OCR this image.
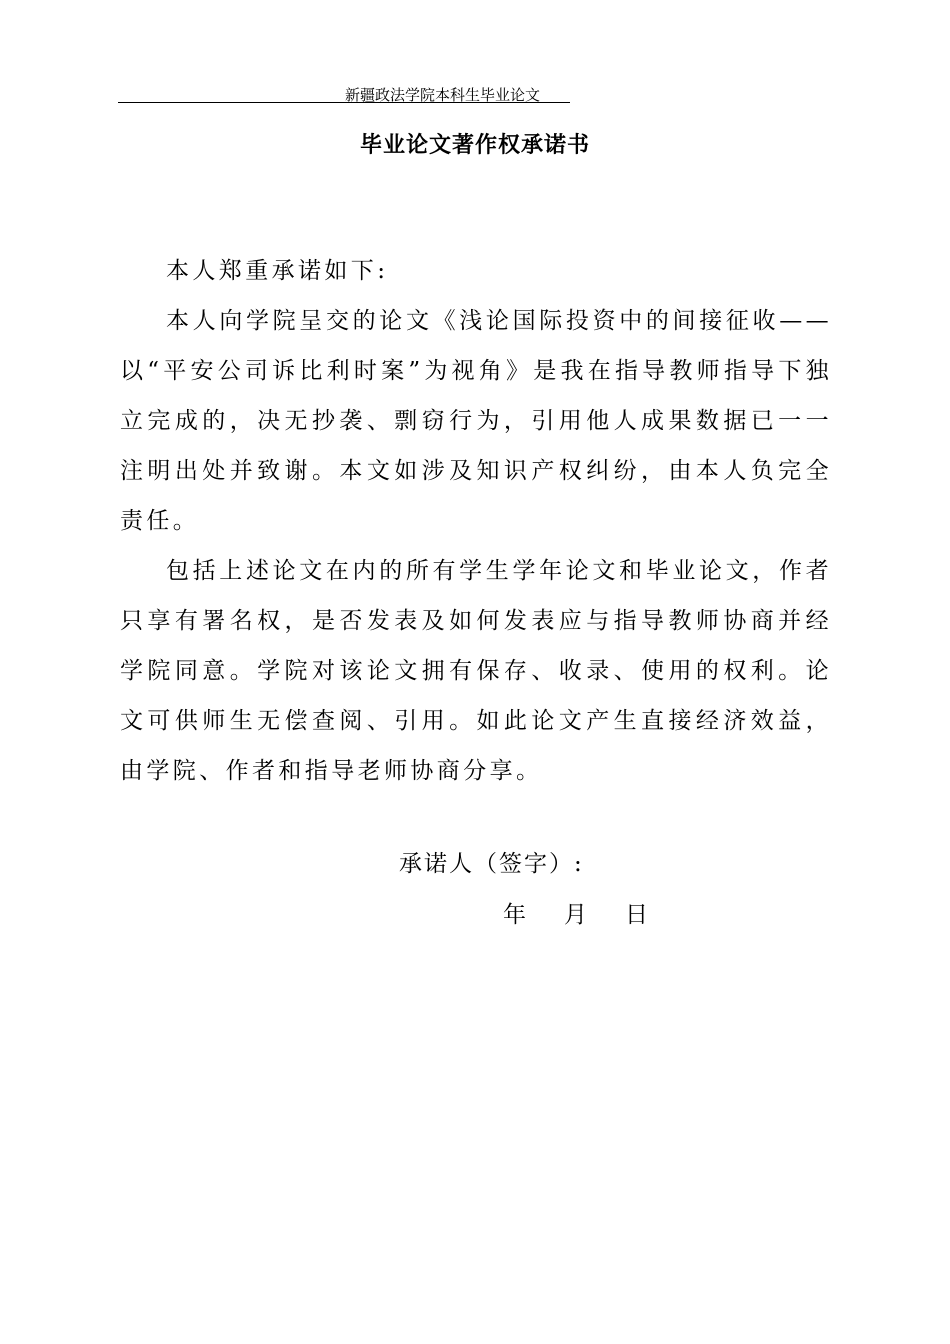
新疆政法学院本科生毕业论文
毕业论文著作权承诺书

本人郑重承诺如下:

本人向学院呈交的论文《浅论国际投资中的间接征收——以“平安公司诉比利时案”为视角》是我在指导教师指导下独立完成的，决无抄袭、剽窃行为，引用他人成果数据已一一注明出处并致谢。本文如涉及知识产权纠纷，由本人负完全责任。

包括上述论文在内的所有学生学年论文和毕业论文，作者只享有署名权，是否发表及如何发表应与指导教师协商并经学院同意。学院对该论文拥有保存、收录、使用的权利。论文可供师生无偿查阅、引用。如此论文产生直接经济效益，由学院、作者和指导老师协商分享。

承诺人（签字）:
年 月 日
